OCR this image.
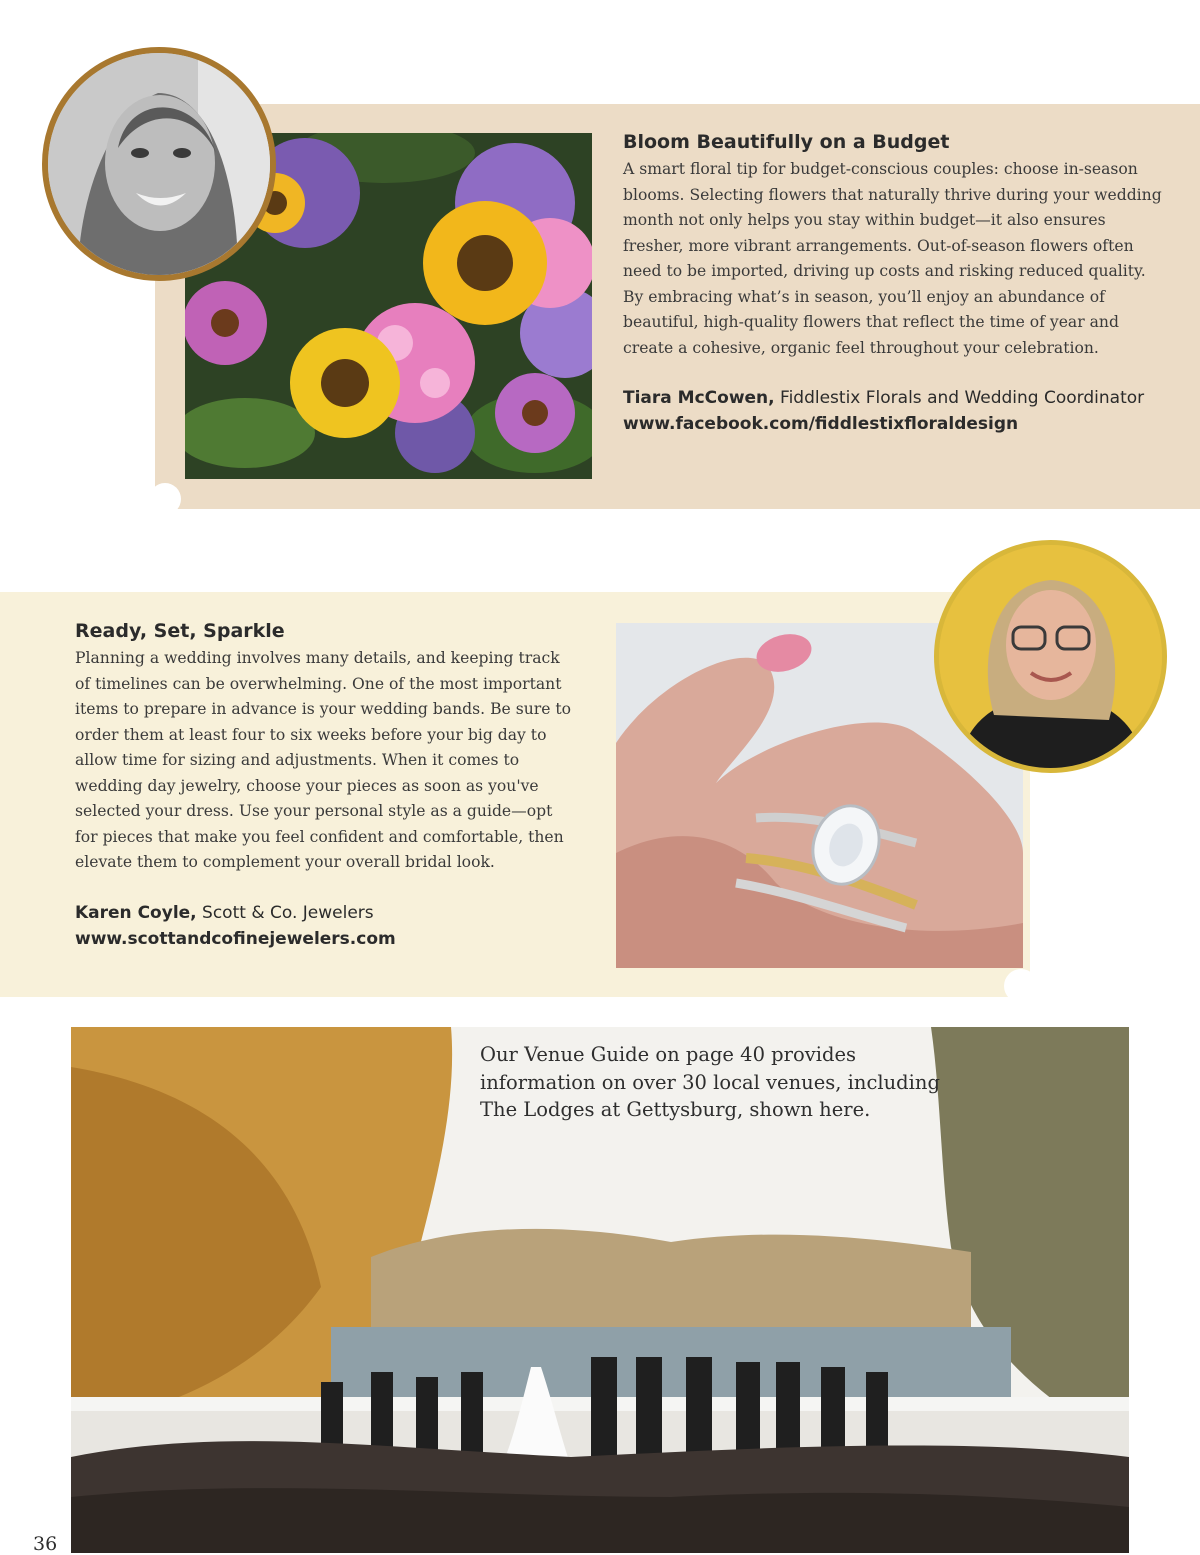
Bloom Beautifully on a Budget

A smart floral tip for budget-conscious couples: choose in-season blooms. Selecting flowers that naturally thrive during your wedding month not only helps you stay within budget—it also ensures fresher, more vibrant arrangements. Out-of-season flowers often need to be imported, driving up costs and risking reduced quality.

By embracing what’s in season, you’ll enjoy an abundance of beautiful, high-quality flowers that reflect the time of year and create a cohesive, organic feel throughout your celebration.

Tiara McCowen, Fiddlestix Florals and Wedding Coordinator
www.facebook.com/fiddlestixfloraldesign
Ready, Set, Sparkle

Planning a wedding involves many details, and keeping track of timelines can be overwhelming. One of the most important items to prepare in advance is your wedding bands. Be sure to order them at least four to six weeks before your big day to allow time for sizing and adjustments. When it comes to wedding day jewelry, choose your pieces as soon as you've selected your dress. Use your personal style as a guide—opt for pieces that make you feel confident and comfortable, then elevate them to complement your overall bridal look.

Karen Coyle, Scott & Co. Jewelers
www.scottandcofinejewelers.com

Our Venue Guide on page 40 provides information on over 30 local venues, including The Lodges at Gettysburg, shown here.

36
